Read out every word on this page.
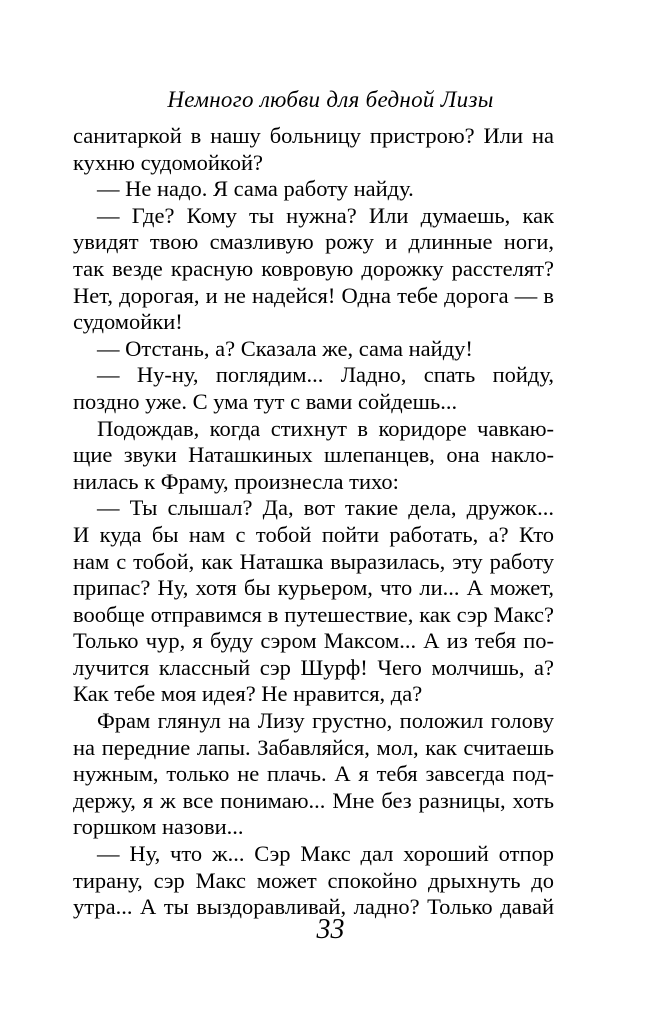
Немного любви для бедной Лизы
санитаркой в нашу больницу пристрою? Или на
кухню судомойкой?
— Не надо. Я сама работу найду.
— Где? Кому ты нужна? Или думаешь, как
увидят твою смазливую рожу и длинные ноги,
так везде красную ковровую дорожку расстелят?
Нет, дорогая, и не надейся! Одна тебе дорога — в
судомойки!
— Отстань, а? Сказала же, сама найду!
— Ну-ну, поглядим... Ладно, спать пойду,
поздно уже. С ума тут с вами сойдешь...
Подождав, когда стихнут в коридоре чавкаю-
щие звуки Наташкиных шлепанцев, она накло-
нилась к Фраму, произнесла тихо:
— Ты слышал? Да, вот такие дела, дружок...
И куда бы нам с тобой пойти работать, а? Кто
нам с тобой, как Наташка выразилась, эту работу
припас? Ну, хотя бы курьером, что ли... А может,
вообще отправимся в путешествие, как сэр Макс?
Только чур, я буду сэром Максом... А из тебя по-
лучится классный сэр Шурф! Чего молчишь, а?
Как тебе моя идея? Не нравится, да?
Фрам глянул на Лизу грустно, положил голову
на передние лапы. Забавляйся, мол, как считаешь
нужным, только не плачь. А я тебя завсегда под-
держу, я ж все понимаю... Мне без разницы, хоть
горшком назови...
— Ну, что ж... Сэр Макс дал хороший отпор
тирану, сэр Макс может спокойно дрыхнуть до
утра... А ты выздоравливай, ладно? Только давай
33
